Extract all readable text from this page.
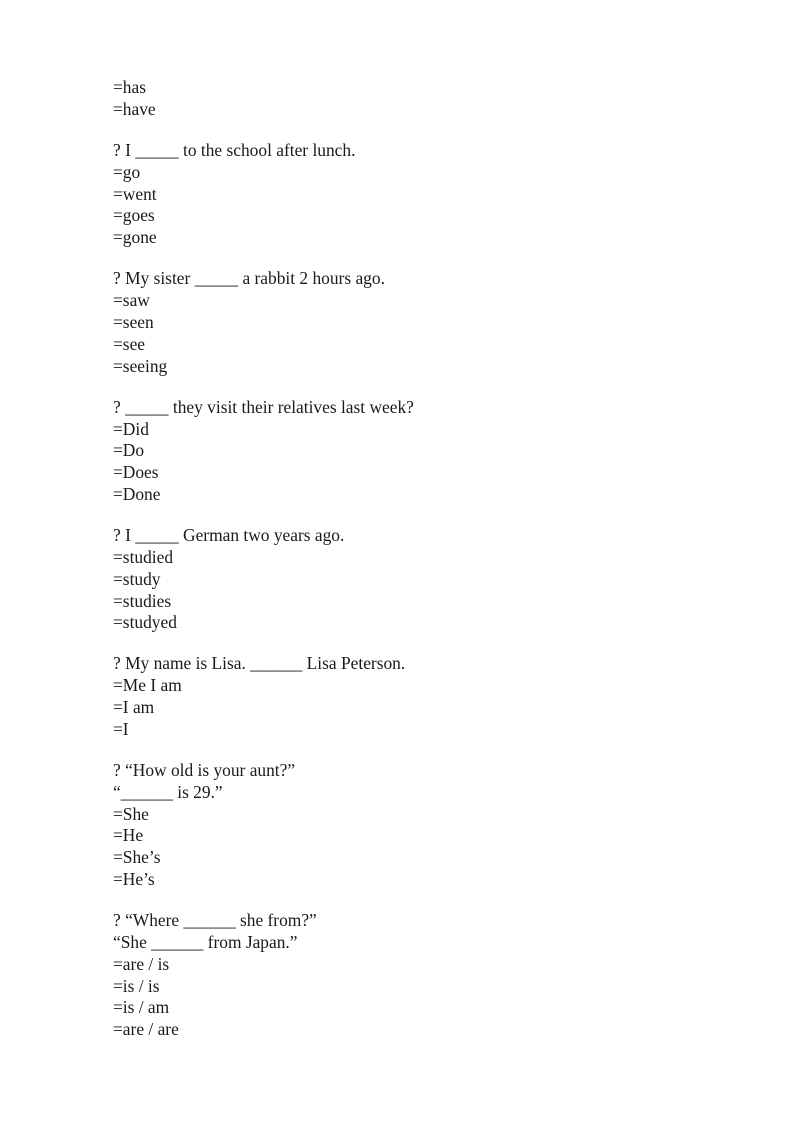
=has
=have
? I _____ to the school after lunch.
=go
=went
=goes
=gone
? My sister _____ a rabbit 2 hours ago.
=saw
=seen
=see
=seeing
? _____ they visit their relatives last week?
=Did
=Do
=Does
=Done
? I _____ German two years ago.
=studied
=study
=studies
=studyed
? My name is Lisa. ______ Lisa Peterson.
=Me I am
=I am
=I
? “How old is your aunt?”
“______ is 29.”
=She
=He
=She’s
=He’s
? “Where ______ she from?”
“She ______ from Japan.”
=are / is
=is / is
=is / am
=are / are
